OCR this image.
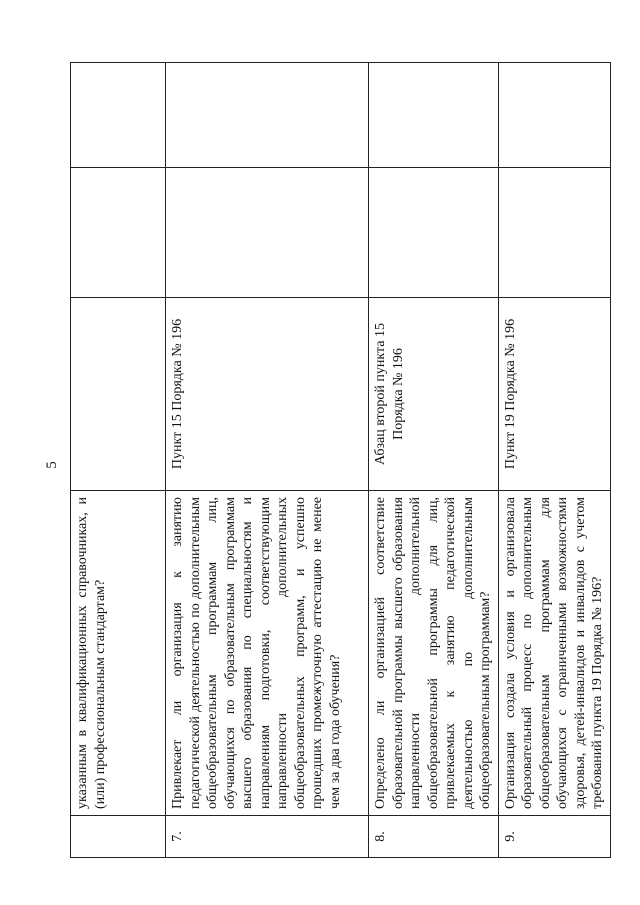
5
	указанным в квалификационных справочниках, и (или) профессиональным стандартам?			
7.	Привлекает ли организация к занятию педагогической деятельностью по дополнительным общеобразовательным программам лиц, обучающихся по образовательным программам высшего образования по специальностям и направлениям подготовки, соответствующим направленности дополнительных общеобразовательных программ, и успешно прошедших промежуточную аттестацию не менее чем за два года обучения?	Пункт 15 Порядка № 196		
8.	Определено ли организацией соответствие образовательной программы высшего образования направленности дополнительной общеобразовательной программы для лиц, привлекаемых к занятию педагогической деятельностью по дополнительным общеобразовательным программам?	Абзац второй пункта 15 Порядка № 196		
9.	Организация создала условия и организовала образовательный процесс по дополнительным общеобразовательным программам для обучающихся с ограниченными возможностями здоровья, детей-инвалидов и инвалидов с учетом требований пункта 19 Порядка № 196?	Пункт 19 Порядка № 196		
